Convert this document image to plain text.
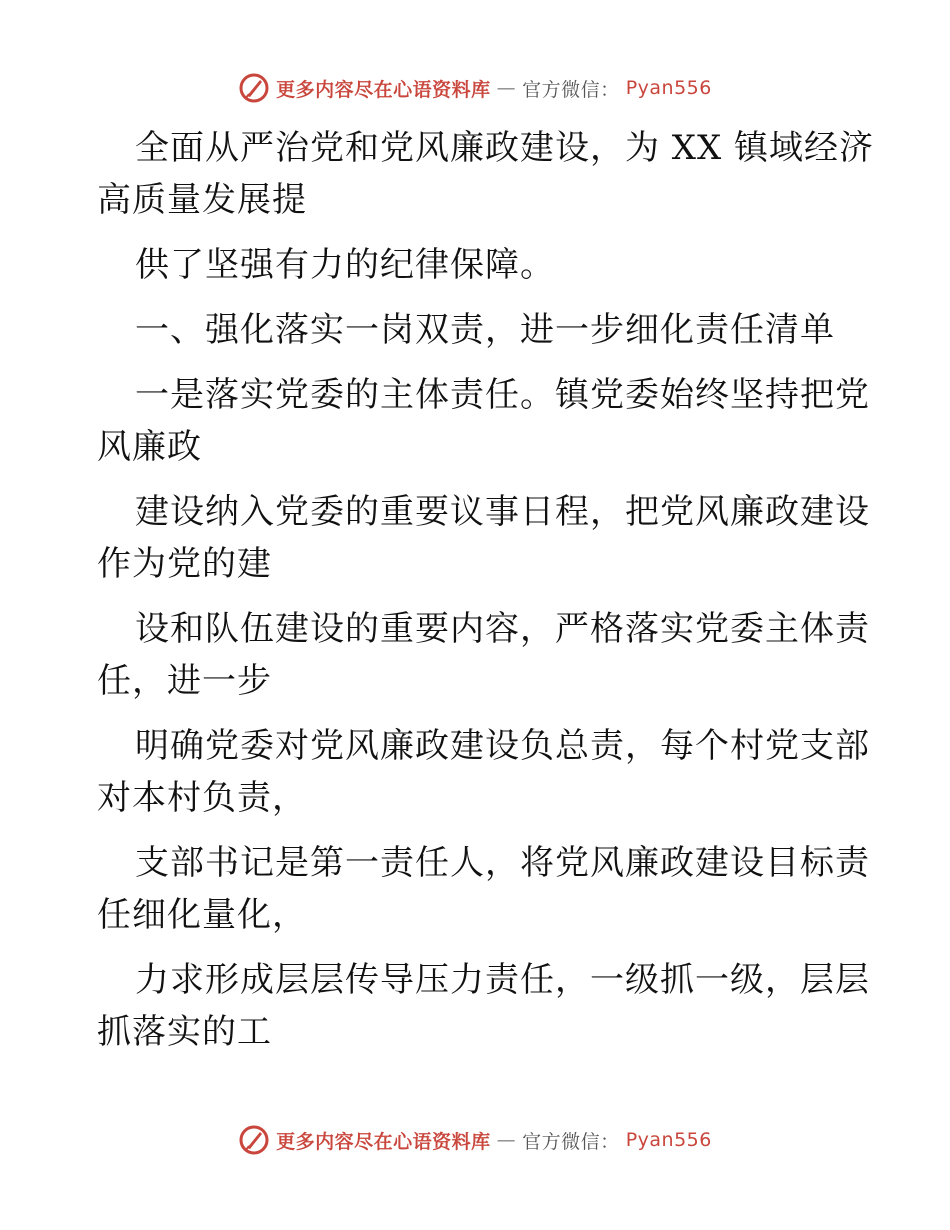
更多内容尽在心语资料库 — 官方微信： Pyan556
全面从严治党和党风廉政建设，为 XX 镇域经济
高质量发展提
供了坚强有力的纪律保障。
一、强化落实一岗双责，进一步细化责任清单
一是落实党委的主体责任。镇党委始终坚持把党
风廉政
建设纳入党委的重要议事日程，把党风廉政建设
作为党的建
设和队伍建设的重要内容，严格落实党委主体责
任，进一步
明确党委对党风廉政建设负总责，每个村党支部
对本村负责，
支部书记是第一责任人，将党风廉政建设目标责
任细化量化，
力求形成层层传导压力责任，一级抓一级，层层
抓落实的工
更多内容尽在心语资料库 — 官方微信： Pyan556
